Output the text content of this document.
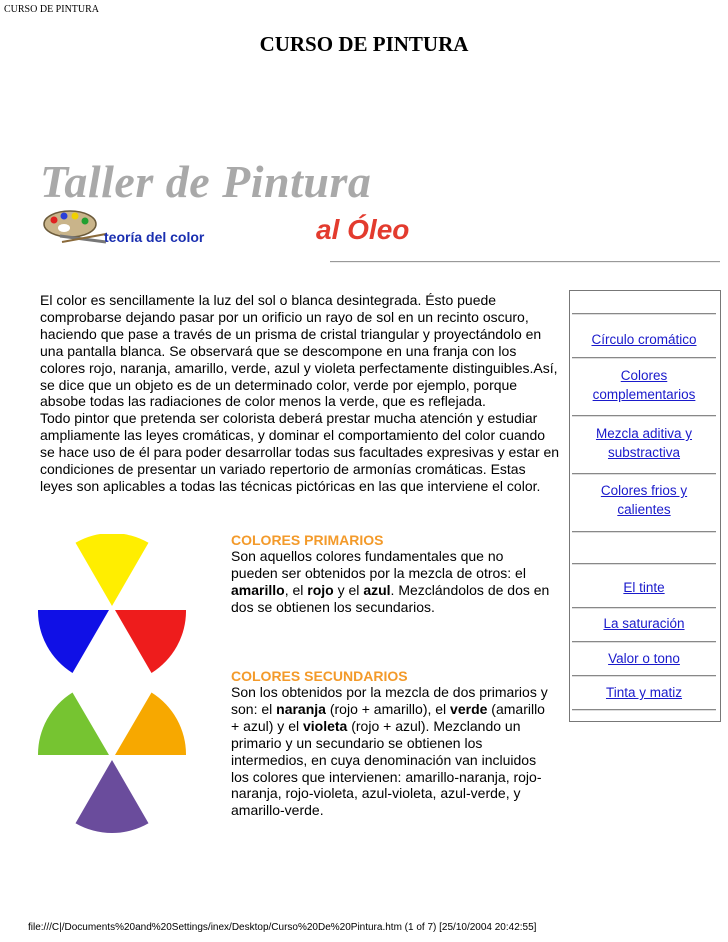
CURSO DE PINTURA
CURSO DE PINTURA
Taller de Pintura
teoría del color	al Óleo

El color es sencillamente la luz del sol o blanca desintegrada. Ésto puede comprobarse dejando pasar por un orificio un rayo de sol en un recinto oscuro, haciendo que pase a través de un prisma de cristal triangular y proyectándolo en una pantalla blanca. Se observará que se descompone en una franja con los colores rojo, naranja, amarillo, verde, azul y violeta perfectamente distinguibles.Así, se dice que un objeto es de un determinado color, verde por ejemplo, porque absobe todas las radiaciones de color menos la verde, que es reflejada.

Todo pintor que pretenda ser colorista deberá prestar mucha atención y estudiar ampliamente las leyes cromáticas, y dominar el comportamiento del color cuando se hace uso de él para poder desarrollar todas sus facultades expresivas y estar en condiciones de presentar un variado repertorio de armonías cromáticas. Estas leyes son aplicables a todas las técnicas pictóricas en las que interviene el color.

COLORES PRIMARIOS

Son aquellos colores fundamentales que no pueden ser obtenidos por la mezcla de otros: el amarillo, el rojo y el azul. Mezclándolos de dos en dos se obtienen los secundarios.

COLORES SECUNDARIOS

Son los obtenidos por la mezcla de dos primarios y son: el naranja (rojo + amarillo), el verde (amarillo + azul) y el violeta (rojo + azul). Mezclando un primario y un secundario se obtienen los intermedios, en cuya denominación van incluidos los colores que intervienen: amarillo-naranja, rojo-naranja, rojo-violeta, azul-violeta, azul-verde, y amarillo-verde.

Círculo cromático
Colores
complementarios
Mezcla aditiva y
substractiva
Colores frios y
calientes
El tinte
La saturación
Valor o tono
Tinta y matiz
file:///C|/Documents%20and%20Settings/inex/Desktop/Curso%20De%20Pintura.htm (1 of 7) [25/10/2004 20:42:55]
